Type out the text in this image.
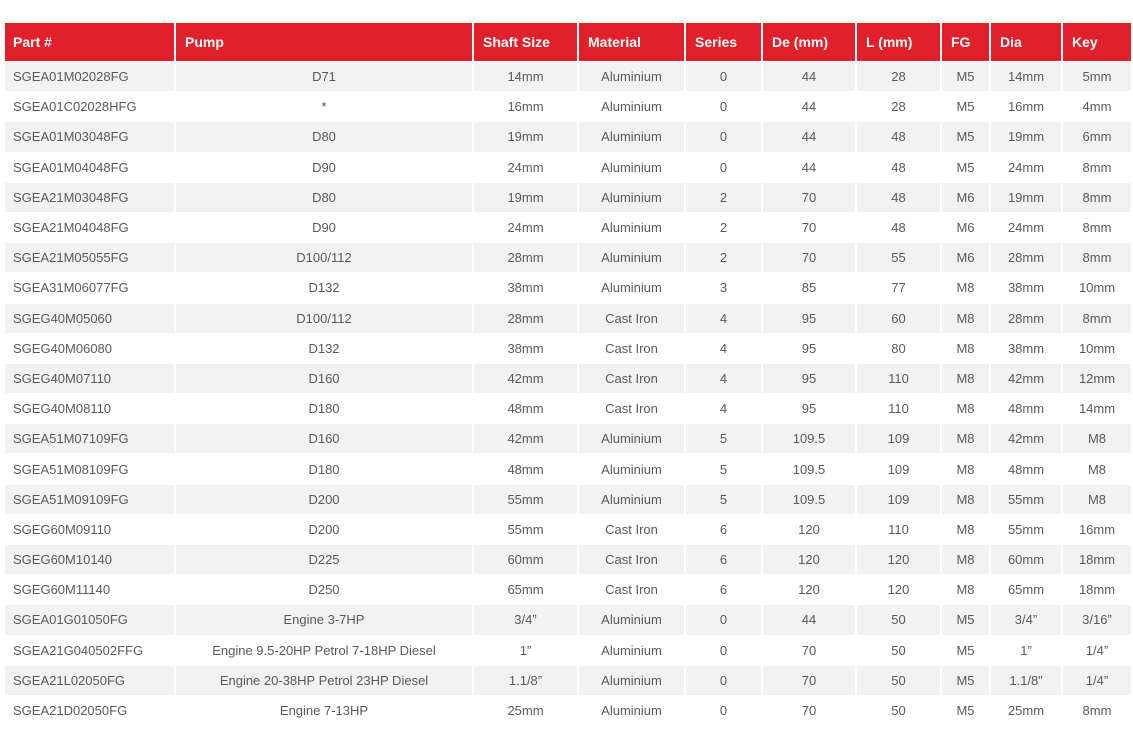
Part #	Pump	Shaft Size	Material	Series	De (mm)	L (mm)	FG	Dia	Key
SGEA01M02028FG	D71	14mm	Aluminium	0	44	28	M5	14mm	5mm
SGEA01C02028HFG	*	16mm	Aluminium	0	44	28	M5	16mm	4mm
SGEA01M03048FG	D80	19mm	Aluminium	0	44	48	M5	19mm	6mm
SGEA01M04048FG	D90	24mm	Aluminium	0	44	48	M5	24mm	8mm
SGEA21M03048FG	D80	19mm	Aluminium	2	70	48	M6	19mm	8mm
SGEA21M04048FG	D90	24mm	Aluminium	2	70	48	M6	24mm	8mm
SGEA21M05055FG	D100/112	28mm	Aluminium	2	70	55	M6	28mm	8mm
SGEA31M06077FG	D132	38mm	Aluminium	3	85	77	M8	38mm	10mm
SGEG40M05060	D100/112	28mm	Cast Iron	4	95	60	M8	28mm	8mm
SGEG40M06080	D132	38mm	Cast Iron	4	95	80	M8	38mm	10mm
SGEG40M07110	D160	42mm	Cast Iron	4	95	110	M8	42mm	12mm
SGEG40M08110	D180	48mm	Cast Iron	4	95	110	M8	48mm	14mm
SGEA51M07109FG	D160	42mm	Aluminium	5	109.5	109	M8	42mm	M8
SGEA51M08109FG	D180	48mm	Aluminium	5	109.5	109	M8	48mm	M8
SGEA51M09109FG	D200	55mm	Aluminium	5	109.5	109	M8	55mm	M8
SGEG60M09110	D200	55mm	Cast Iron	6	120	110	M8	55mm	16mm
SGEG60M10140	D225	60mm	Cast Iron	6	120	120	M8	60mm	18mm
SGEG60M11140	D250	65mm	Cast Iron	6	120	120	M8	65mm	18mm
SGEA01G01050FG	Engine 3-7HP	3/4”	Aluminium	0	44	50	M5	3/4”	3/16”
SGEA21G040502FFG	Engine 9.5-20HP Petrol 7-18HP Diesel	1”	Aluminium	0	70	50	M5	1”	1/4”
SGEA21L02050FG	Engine 20-38HP Petrol 23HP Diesel	1.1/8”	Aluminium	0	70	50	M5	1.1/8”	1/4”
SGEA21D02050FG	Engine 7-13HP	25mm	Aluminium	0	70	50	M5	25mm	8mm
